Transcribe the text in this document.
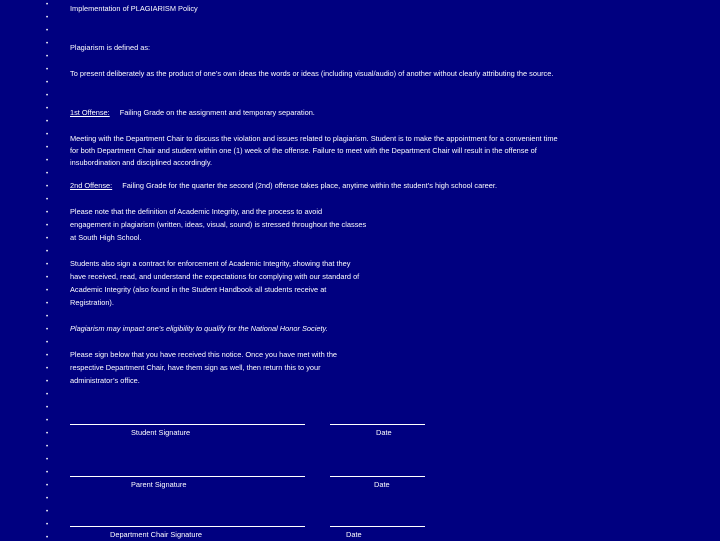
•
•
•
•
•
•
•
•
•
•
•
•
•
•
•
•
•
•
•
•
•
•
•
•
•
•
•
•
•
•
•
•
•
•
•
•
•
•
•
•
•
•
Implementation of PLAGIARISM Policy
Plagiarism is defined as:
To present deliberately as the product of one’s own ideas the words or ideas (including visual/audio) of another without clearly attributing the source.
1st Offense: Failing Grade on the assignment and temporary separation.
Meeting with the Department Chair to discuss the violation and issues related to plagiarism. Student is to make the appointment for a convenient time
for both Department Chair and student within one (1) week of the offense. Failure to meet with the Department Chair will result in the offense of
insubordination and disciplined accordingly.
2nd Offense: Failing Grade for the quarter the second (2nd) offense takes place, anytime within the student’s high school career.
Please note that the definition of Academic Integrity, and the process to avoid
engagement in plagiarism (written, ideas, visual, sound) is stressed throughout the classes
at South High School.
Students also sign a contract for enforcement of Academic Integrity, showing that they
have received, read, and understand the expectations for complying with our standard of
Academic Integrity (also found in the Student Handbook all students receive at
Registration).
Plagiarism may impact one’s eligibility to qualify for the National Honor Society.
Please sign below that you have received this notice. Once you have met with the
respective Department Chair, have them sign as well, then return this to your
administrator’s office.
Student Signature	Date
Parent Signature	Date
Department Chair Signature	Date
